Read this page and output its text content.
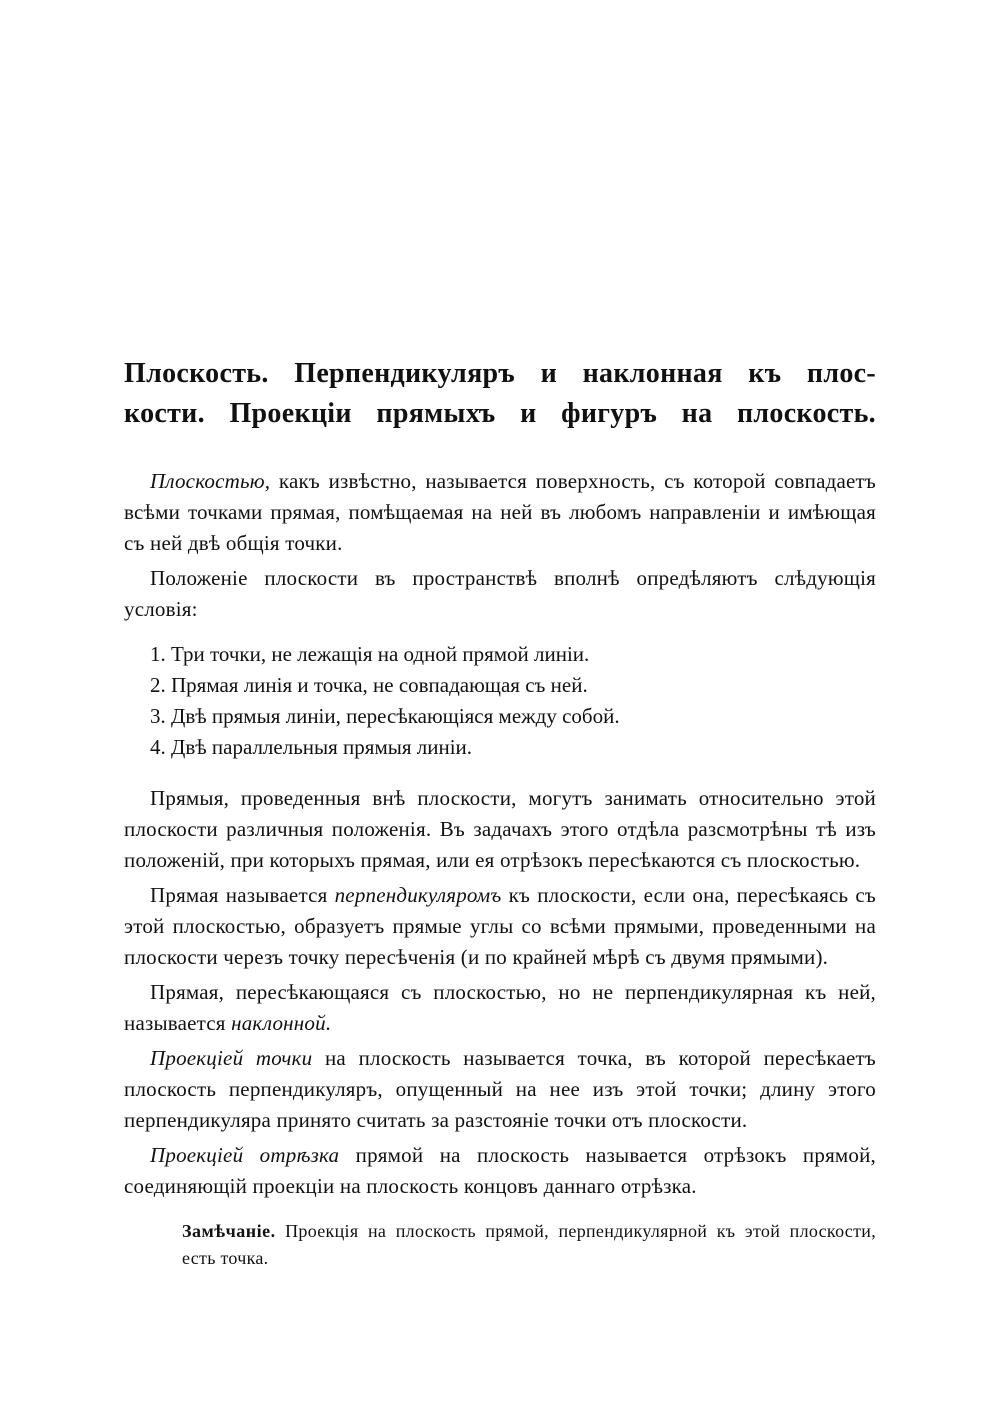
Плоскость. Перпендикуляръ и наклонная къ плос-
кости. Проекціи прямыхъ и фигуръ на плоскость.

Плоскостью, какъ извѣстно, называется поверхность, съ которой совпадаетъ всѣми точками прямая, помѣщаемая на ней въ любомъ направленіи и имѣющая съ ней двѣ общія точки.

Положеніе плоскости въ пространствѣ вполнѣ опредѣляютъ слѣдующія условія:

1. Три точки, не лежащія на одной прямой линіи.
2. Прямая линія и точка, не совпадающая съ ней.
3. Двѣ прямыя линіи, пересѣкающіяся между собой.
4. Двѣ параллельныя прямыя линіи.

Прямыя, проведенныя внѣ плоскости, могутъ занимать относительно этой плоскости различныя положенія. Въ задачахъ этого отдѣла разсмотрѣны тѣ изъ положеній, при которыхъ прямая, или ея отрѣзокъ пересѣкаются съ плоскостью.

Прямая называется перпендикуляромъ къ плоскости, если она, пересѣкаясь съ этой плоскостью, образуетъ прямые углы со всѣми прямыми, проведенными на плоскости черезъ точку пересѣченія (и по крайней мѣрѣ съ двумя прямыми).

Прямая, пересѣкающаяся съ плоскостью, но не перпендикулярная къ ней, называется наклонной.

Проекціей точки на плоскость называется точка, въ которой пересѣкаетъ плоскость перпендикуляръ, опущенный на нее изъ этой точки; длину этого перпендикуляра принято считать за разстояніе точки отъ плоскости.

Проекціей отрѣзка прямой на плоскость называется отрѣзокъ прямой, соединяющій проекціи на плоскость концовъ даннаго отрѣзка.

Замѣчаніе. Проекція на плоскость прямой, перпендикулярной къ этой плоскости, есть точка.
